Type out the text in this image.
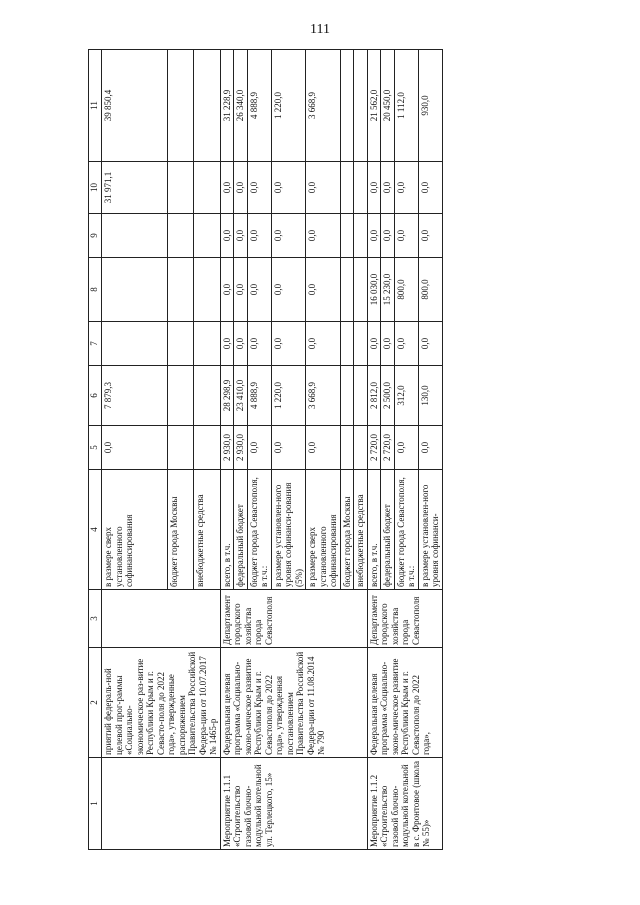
111
1	2	3	4	5	6	7	8	9	10	11
	приятий федераль-ной целевой прог-раммы «Социально-экономическое раз-витие Республики Крым и г. Севасто-поля до 2022 года», утвержденные распоряжением Правительства Российской Федера-ции от 10.07.2017 № 1465-р		в размере сверх установленного софинансирования	0,0	7 879,3				31 971,1	39 850,4
			бюджет города Москвы							
			внебюджетные средства							
Мероприятие 1.1.1 «Строительство газовой блочно-модульной котельной ул. Терлецкого, 15»	Федеральная целевая программа «Социально-эконо-мическое развитие Республики Крым и г. Севастополя до 2022 года», утвержденная постановлением Правительства Российской Федера-ции от 11.08.2014 № 790	Департамент городского хозяйства города Севастополя	всего, в т.ч.	2 930,0	28 298,9	0,0	0,0	0,0	0,0	31 228,9
			федеральный бюджет	2 930,0	23 410,0	0,0	0,0	0,0	0,0	26 340,0
			бюджет города Севастополя, в т.ч.:	0,0	4 888,9	0,0	0,0	0,0	0,0	4 888,9
			в размере установлен-ного уровня софинанси-рования (5%)	0,0	1 220,0	0,0	0,0	0,0	0,0	1 220,0
			в размере сверх установленного софинансирования	0,0	3 668,9	0,0	0,0	0,0	0,0	3 668,9
			бюджет города Москвы							
			внебюджетные средства							
Мероприятие 1.1.2 «Строительство газовой блочно-модульной котельной в с. Фронтовое (школа № 55)»	Федеральная целевая программа «Социально-эконо-мическое развитие Республики Крым и г. Севастополя до 2022 года»,	Департамент городского хозяйства города Севастополя	всего, в т.ч.	2 720,0	2 812,0	0,0	16 030,0	0,0	0,0	21 562,0
			федеральный бюджет	2 720,0	2 500,0	0,0	15 230,0	0,0	0,0	20 450,0
			бюджет города Севастополя, в т.ч.:	0,0	312,0	0,0	800,0	0,0	0,0	1 112,0
			в размере установлен-ного уровня софинанси-	0,0	130,0	0,0	800,0	0,0	0,0	930,0
